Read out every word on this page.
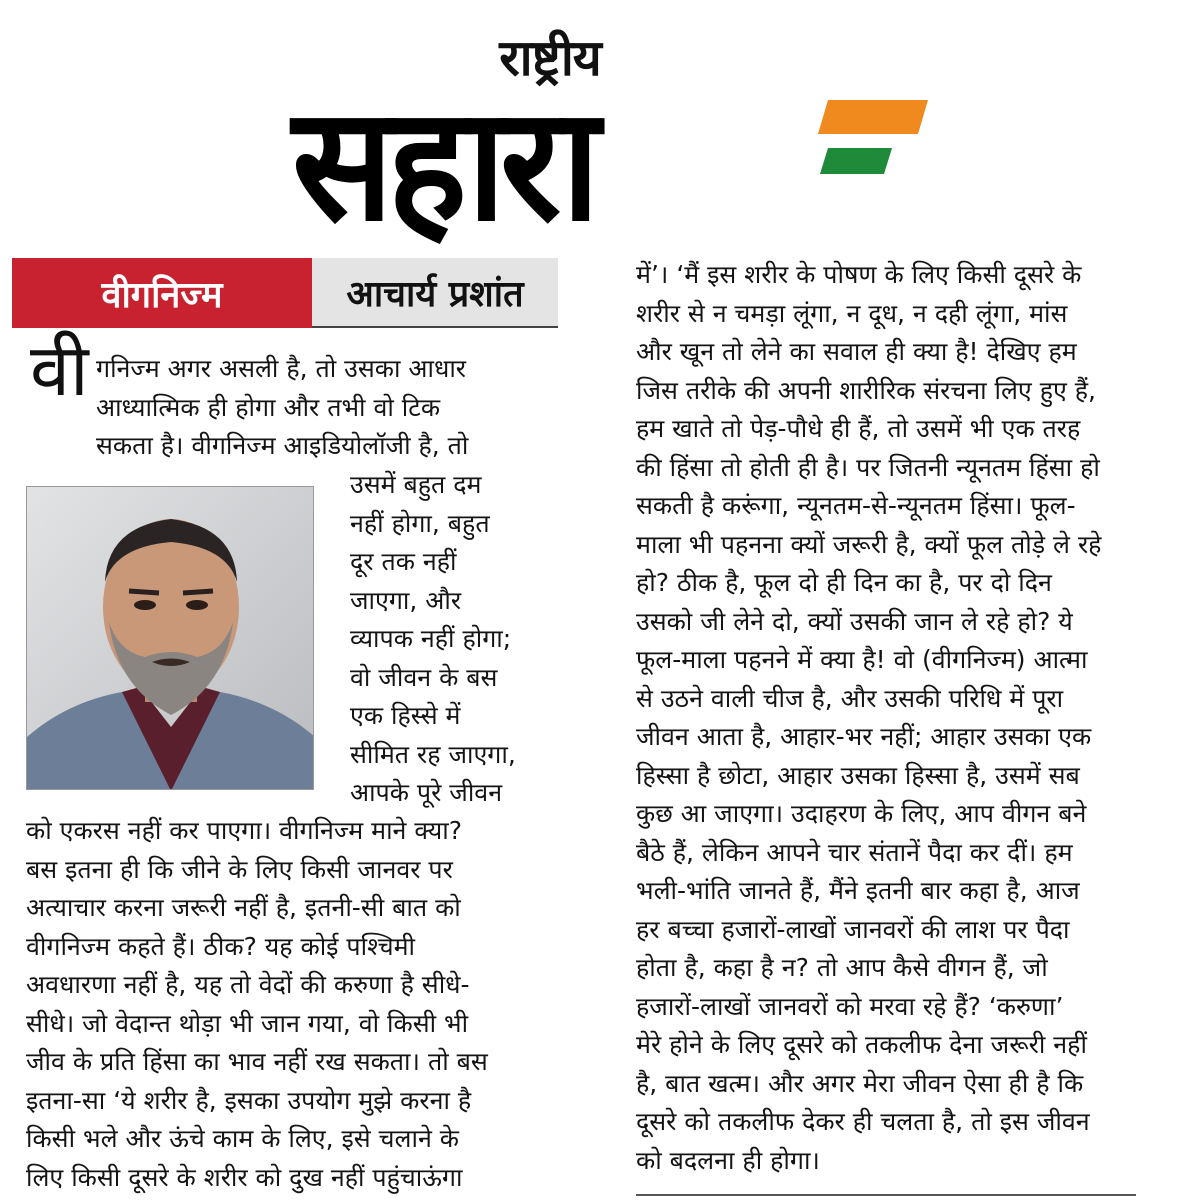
राष्ट्रीय
सहारा
वीगनिज्म	आचार्य प्रशांत
वी गनिज्म अगर असली है, तो उसका आधार
आध्यात्मिक ही होगा और तभी वो टिक
सकता है। वीगनिज्म आइडियोलॉजी है, तो
उसमें बहुत दम
नहीं होगा, बहुत
दूर तक नहीं
जाएगा, और
व्यापक नहीं होगा;
वो जीवन के बस
एक हिस्से में
सीमित रह जाएगा,
आपके पूरे जीवन
को एकरस नहीं कर पाएगा। वीगनिज्म माने क्या?
बस इतना ही कि जीने के लिए किसी जानवर पर
अत्याचार करना जरूरी नहीं है, इतनी-सी बात को
वीगनिज्म कहते हैं। ठीक? यह कोई पश्चिमी
अवधारणा नहीं है, यह तो वेदों की करुणा है सीधे-
सीधे। जो वेदान्त थोड़ा भी जान गया, वो किसी भी
जीव के प्रति हिंसा का भाव नहीं रख सकता। तो बस
इतना-सा ‘ये शरीर है, इसका उपयोग मुझे करना है
किसी भले और ऊंचे काम के लिए, इसे चलाने के
लिए किसी दूसरे के शरीर को दुख नहीं पहुंचाऊंगा
में’। ‘मैं इस शरीर के पोषण के लिए किसी दूसरे के
शरीर से न चमड़ा लूंगा, न दूध, न दही लूंगा, मांस
और खून तो लेने का सवाल ही क्या है! देखिए हम
जिस तरीके की अपनी शारीरिक संरचना लिए हुए हैं,
हम खाते तो पेड़-पौधे ही हैं, तो उसमें भी एक तरह
की हिंसा तो होती ही है। पर जितनी न्यूनतम हिंसा हो
सकती है करूंगा, न्यूनतम-से-न्यूनतम हिंसा। फूल-
माला भी पहनना क्यों जरूरी है, क्यों फूल तोड़े ले रहे
हो? ठीक है, फूल दो ही दिन का है, पर दो दिन
उसको जी लेने दो, क्यों उसकी जान ले रहे हो? ये
फूल-माला पहनने में क्या है! वो (वीगनिज्म) आत्मा
से उठने वाली चीज है, और उसकी परिधि में पूरा
जीवन आता है, आहार-भर नहीं; आहार उसका एक
हिस्सा है छोटा, आहार उसका हिस्सा है, उसमें सब
कुछ आ जाएगा। उदाहरण के लिए, आप वीगन बने
बैठे हैं, लेकिन आपने चार संतानें पैदा कर दीं। हम
भली-भांति जानते हैं, मैंने इतनी बार कहा है, आज
हर बच्चा हजारों-लाखों जानवरों की लाश पर पैदा
होता है, कहा है न? तो आप कैसे वीगन हैं, जो
हजारों-लाखों जानवरों को मरवा रहे हैं? ‘करुणा’
मेरे होने के लिए दूसरे को तकलीफ देना जरूरी नहीं
है, बात खत्म। और अगर मेरा जीवन ऐसा ही है कि
दूसरे को तकलीफ देकर ही चलता है, तो इस जीवन
को बदलना ही होगा।
